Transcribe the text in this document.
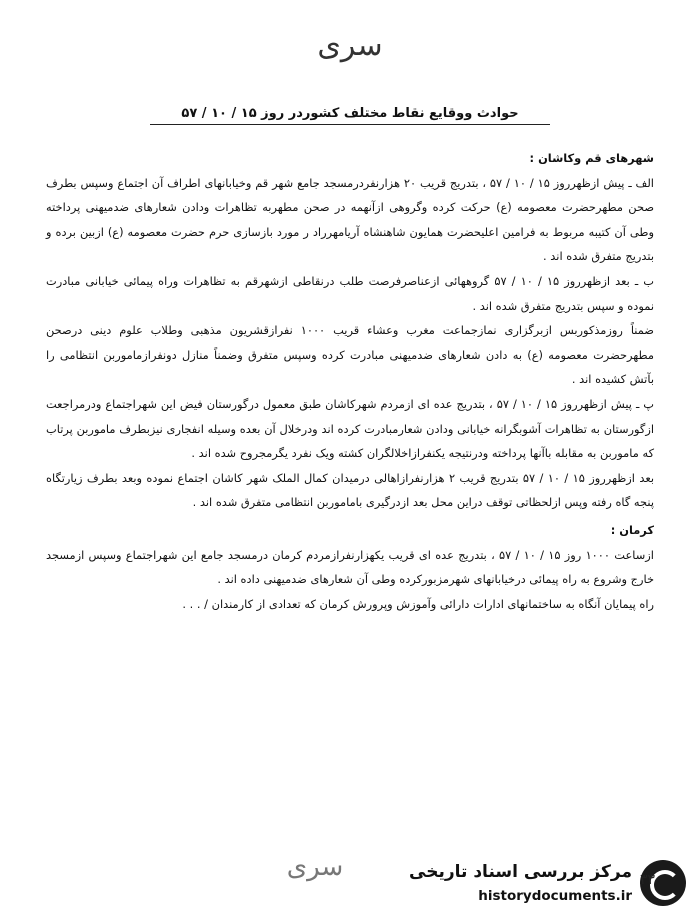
سری
حوادث ووقایع نقاط مختلف کشوردر روز ۱۵ / ۱۰ / ۵۷

شهرهای قم وکاشان :

الف ـ پیش ازظهرروز ۱۵ / ۱۰ / ۵۷ ، بتدریج قریب ۲۰ هزارنفردرمسجد جامع شهر قم وخیابانهای اطراف آن اجتماع وسپس بطرف صحن مطهرحضرت معصومه (ع) حرکت کرده وگروهی ازآنهمه در صحن مطهربه تظاهرات ودادن شعارهای ضدمیهنی پرداخته وطی آن کتیبه مربوط به فرامین اعلیحضرت همایون شاهنشاه آریامهرراد ر مورد بازسازی حرم حضرت معصومه (ع) ازبین برده و بتدریج متفرق شده اند .

ب ـ بعد ازظهرروز ۱۵ / ۱۰ / ۵۷ گروههائی ازعناصرفرصت طلب درنقاطی ازشهرقم به تظاهرات وراه پیمائی خیابانی مبادرت نموده و سپس بتدریج متفرق شده اند .

ضمناً روزمذکوربس ازبرگزاری نمازجماعت مغرب وعشاء قریب ۱۰۰۰ نفرازقشریون مذهبی وطلاب علوم دینی درصحن مطهرحضرت معصومه (ع) به دادن شعارهای ضدمیهنی مبادرت کرده وسپس متفرق وضمناً منازل دونفرازماموربن انتظامی را بآتش کشیده اند .

پ ـ پیش ازظهرروز ۱۵ / ۱۰ / ۵۷ ، بتدریج عده ای ازمردم شهرکاشان طبق معمول درگورستان فیض این شهراجتماع ودرمراجعت ازگورستان به تظاهرات آشوبگرانه خیابانی ودادن شعارمبادرت کرده اند ودرخلال آن بعده وسیله انفجاری نیزبطرف ماموربن پرتاب که ماموربن به مقابله باآنها پرداخته ودرنتیجه یکنفرازاخلالگران کشته ویک نفرد یگرمجروح شده اند .

بعد ازظهرروز ۱۵ / ۱۰ / ۵۷ بتدریج قریب ۲ هزارنفرازاهالی درمیدان کمال الملک شهر کاشان اجتماع نموده وبعد بطرف زیارتگاه پنجه گاه رفته وپس ازلحظاتی توقف دراین محل بعد ازدرگیری باماموربن انتظامی متفرق شده اند .

کرمان :

ازساعت ۱۰۰۰ روز ۱۵ / ۱۰ / ۵۷ ، بتدریج عده ای قریب یکهزارنفرازمردم کرمان درمسجد جامع این شهراجتماع وسپس ازمسجد خارج وشروع به راه پیمائی درخیابانهای شهرمزبورکرده وطی آن شعارهای ضدمیهنی داده اند .

راه پیمایان آنگاه به ساختمانهای ادارات دارائی وآموزش وپرورش کرمان که تعدادی از کارمندان / . . .

سری	مرکز بررسی اسناد تاریخی
historydocuments.ir
۳۳
